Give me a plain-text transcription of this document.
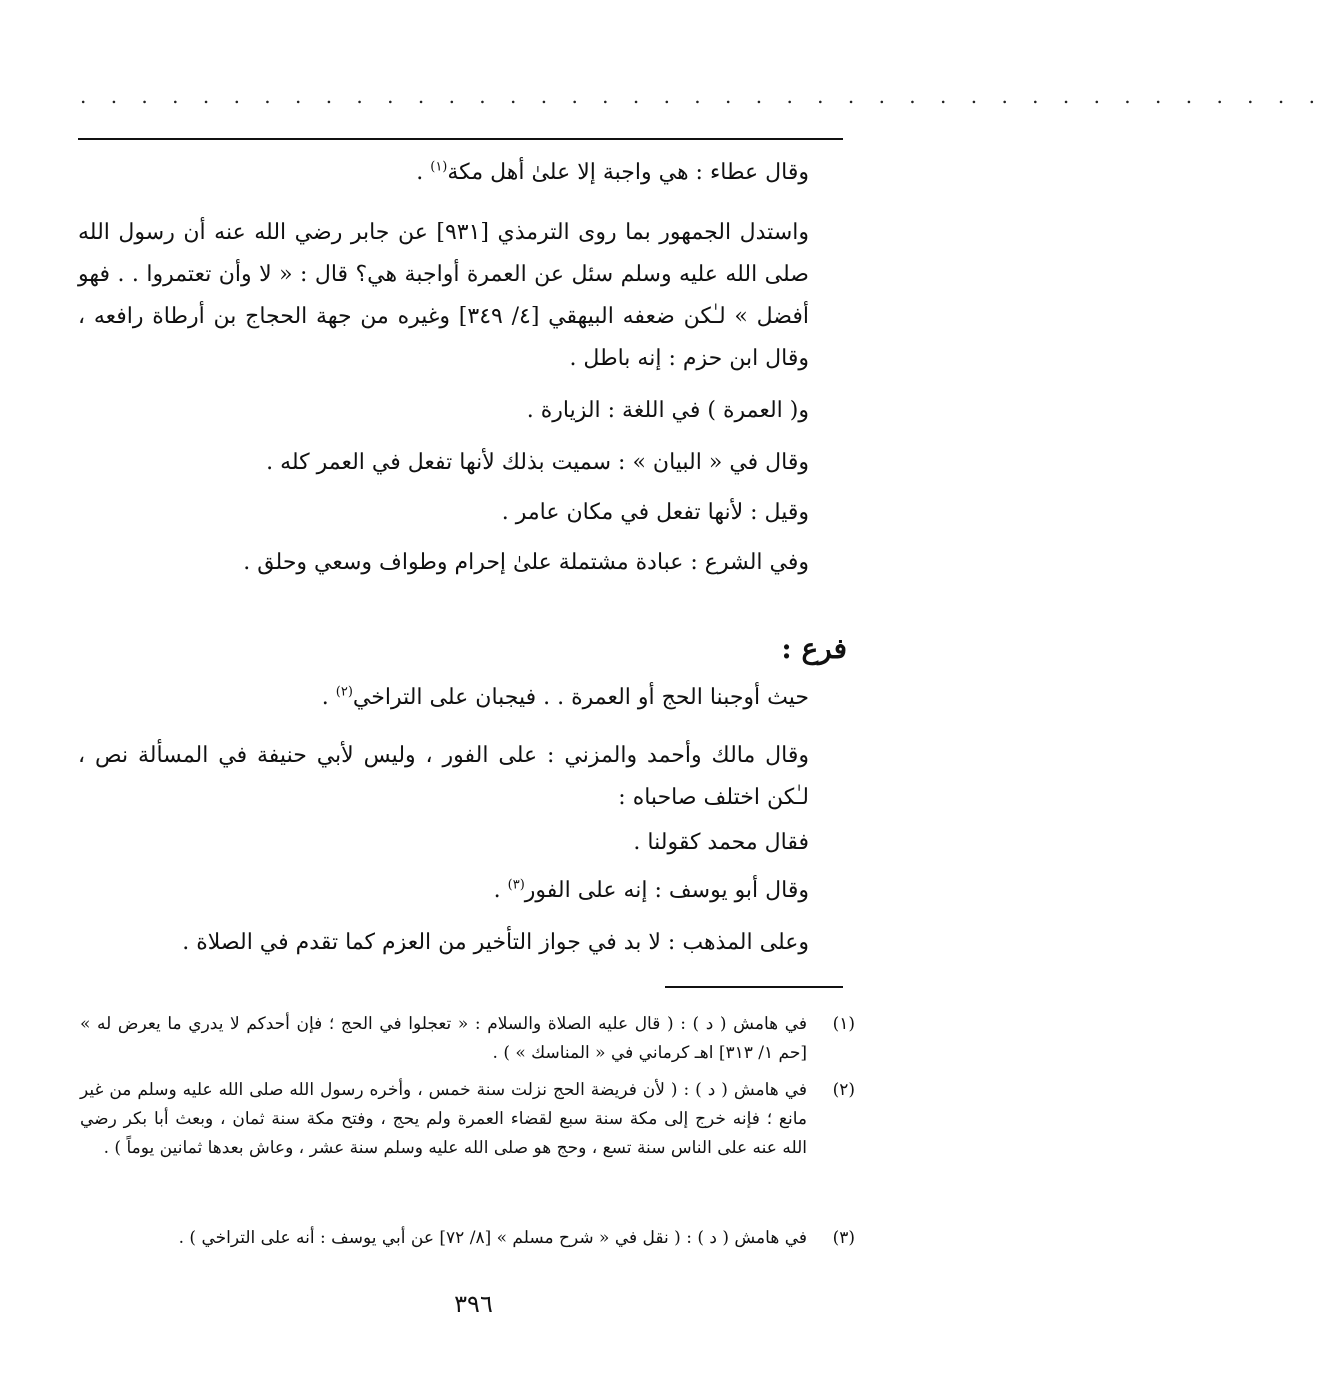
. . . . . . . . . . . . . . . . . . . . . . . . . . . . . . . . . . . . . . . . .
وقال عطاء : هي واجبة إلا علىٰ أهل مكة$^{(١)}$ .
واستدل الجمهور بما روى الترمذي [٩٣١] عن جابر رضي الله عنه أن رسول الله صلى الله عليه وسلم سئل عن العمرة أواجبة هي؟ قال : « لا وأن تعتمروا . . فهو أفضل » لـٰكن ضعفه البيهقي [٤/ ٣٤٩] وغيره من جهة الحجاج بن أرطاة رافعه ، وقال ابن حزم : إنه باطل .
و( العمرة ) في اللغة : الزيارة .
وقال في « البيان » : سميت بذلك لأنها تفعل في العمر كله .
وقيل : لأنها تفعل في مكان عامر .
وفي الشرع : عبادة مشتملة علىٰ إحرام وطواف وسعي وحلق .
فرع :
حيث أوجبنا الحج أو العمرة . . فيجبان على التراخي$^{(٢)}$ .
وقال مالك وأحمد والمزني : على الفور ، وليس لأبي حنيفة في المسألة نص ، لـٰكن اختلف صاحباه :
فقال محمد كقولنا .
وقال أبو يوسف : إنه على الفور$^{(٣)}$ .
وعلى المذهب : لا بد في جواز التأخير من العزم كما تقدم في الصلاة .
(١)
في هامش ( د ) : ( قال عليه الصلاة والسلام : « تعجلوا في الحج ؛ فإن أحدكم لا يدري ما يعرض له » [حم ١/ ٣١٣] اهـ كرماني في « المناسك » ) .
(٢)
في هامش ( د ) : ( لأن فريضة الحج نزلت سنة خمس ، وأخره رسول الله صلى الله عليه وسلم من غير مانع ؛ فإنه خرج إلى مكة سنة سبع لقضاء العمرة ولم يحج ، وفتح مكة سنة ثمان ، وبعث أبا بكر رضي الله عنه على الناس سنة تسع ، وحج هو صلى الله عليه وسلم سنة عشر ، وعاش بعدها ثمانين يوماً ) .
(٣)
في هامش ( د ) : ( نقل في « شرح مسلم » [٨/ ٧٢] عن أبي يوسف : أنه على التراخي ) .
٣٩٦
